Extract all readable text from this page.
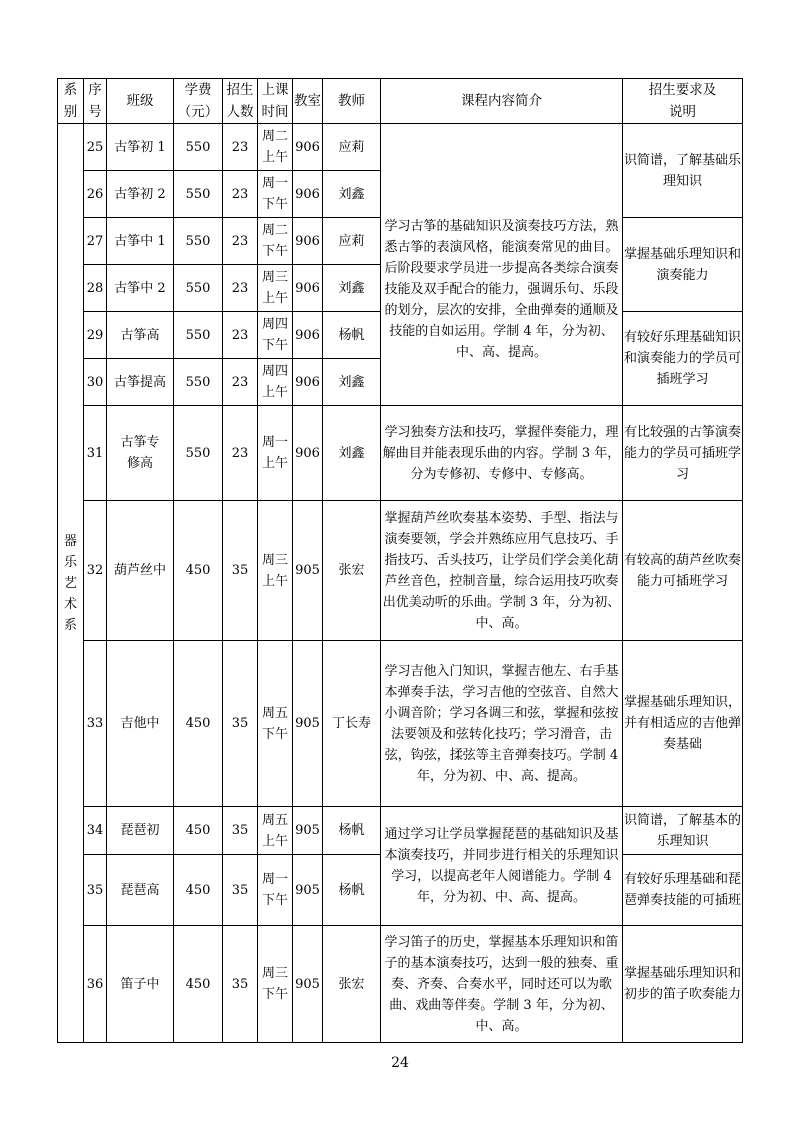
系别	序号	班级	学费（元）	招生人数	上课时间	教室	教师	课程内容简介	招生要求及说明

器乐艺术系	25	古筝初 1	550	23	周二上午	906	应莉	学习古筝的基础知识及演奏技巧方法，熟悉古筝的表演风格，能演奏常见的曲目。后阶段要求学员进一步提高各类综合演奏技能及双手配合的能力，强调乐句、乐段的划分，层次的安排，全曲弹奏的通顺及技能的自如运用。学制 4 年，分为初、中、高、提高。	识简谱，了解基础乐理知识
	26	古筝初 2	550	23	周一下午	906	刘鑫		
	27	古筝中 1	550	23	周二下午	906	应莉		掌握基础乐理知识和演奏能力
	28	古筝中 2	550	23	周三上午	906	刘鑫		
	29	古筝高	550	23	周四下午	906	杨帆		有较好乐理基础知识和演奏能力的学员可插班学习
	30	古筝提高	550	23	周四上午	906	刘鑫		
	31	古筝专修高	550	23	周一上午	906	刘鑫	学习独奏方法和技巧，掌握伴奏能力，理解曲目并能表现乐曲的内容。学制 3 年，分为专修初、专修中、专修高。	有比较强的古筝演奏能力的学员可插班学习
	32	葫芦丝中	450	35	周三上午	905	张宏	掌握葫芦丝吹奏基本姿势、手型、指法与演奏要领，学会并熟练应用气息技巧、手指技巧、舌头技巧，让学员们学会美化葫芦丝音色，控制音量，综合运用技巧吹奏出优美动听的乐曲。学制 3 年，分为初、中、高。	有较高的葫芦丝吹奏能力可插班学习
	33	吉他中	450	35	周五下午	905	丁长寿	学习吉他入门知识，掌握吉他左、右手基本弹奏手法，学习吉他的空弦音、自然大小调音阶；学习各调三和弦，掌握和弦按法要领及和弦转化技巧；学习滑音，击弦，钩弦，揉弦等主音弹奏技巧。学制 4 年，分为初、中、高、提高。	掌握基础乐理知识，并有相适应的吉他弹奏基础
	34	琵琶初	450	35	周五上午	905	杨帆	通过学习让学员掌握琵琶的基础知识及基本演奏技巧，并同步进行相关的乐理知识学习，以提高老年人阅谱能力。学制 4 年，分为初、中、高、提高。	识简谱，了解基本的乐理知识
	35	琵琶高	450	35	周一下午	905	杨帆		有较好乐理基础和琵琶弹奏技能的可插班
	36	笛子中	450	35	周三下午	905	张宏	学习笛子的历史，掌握基本乐理知识和笛子的基本演奏技巧，达到一般的独奏、重奏、齐奏、合奏水平，同时还可以为歌曲、戏曲等伴奏。学制 3 年，分为初、中、高。	掌握基础乐理知识和初步的笛子吹奏能力
24
